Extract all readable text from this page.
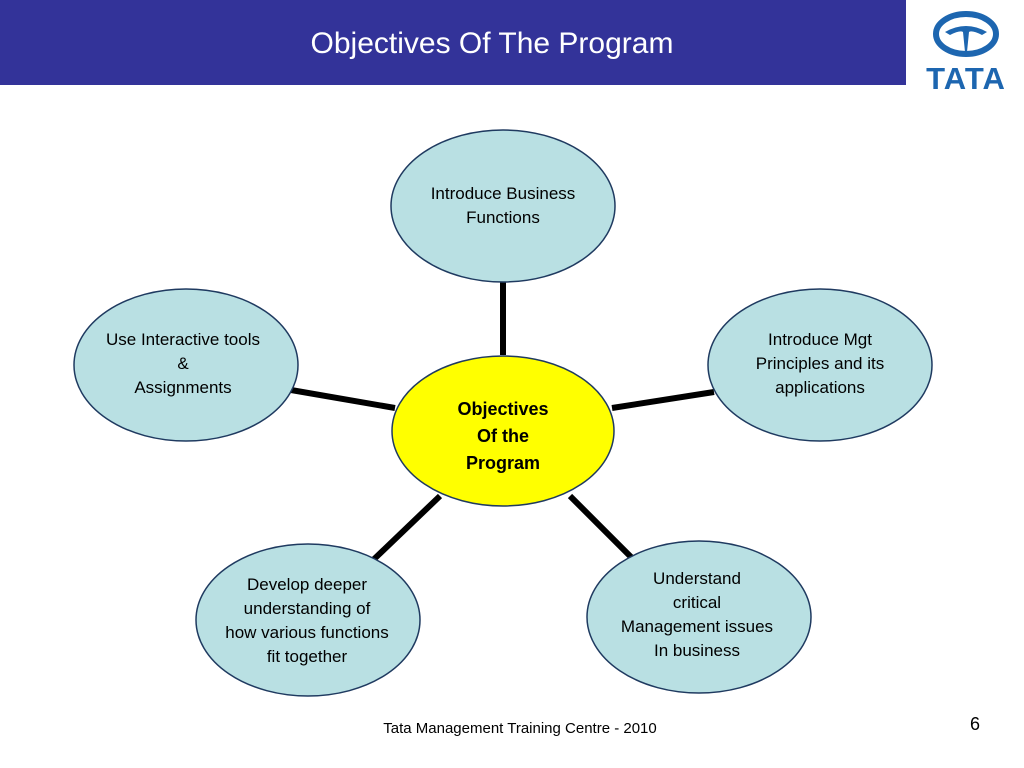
Objectives Of The Program
TATA
Objectives
Of the
Program
Introduce Business
Functions
Introduce Mgt
Principles and its
applications
Understand
critical
Management issues
In business
Develop deeper
understanding of
how various functions
fit together
Use Interactive tools
&
Assignments
Tata Management Training Centre - 2010	6
